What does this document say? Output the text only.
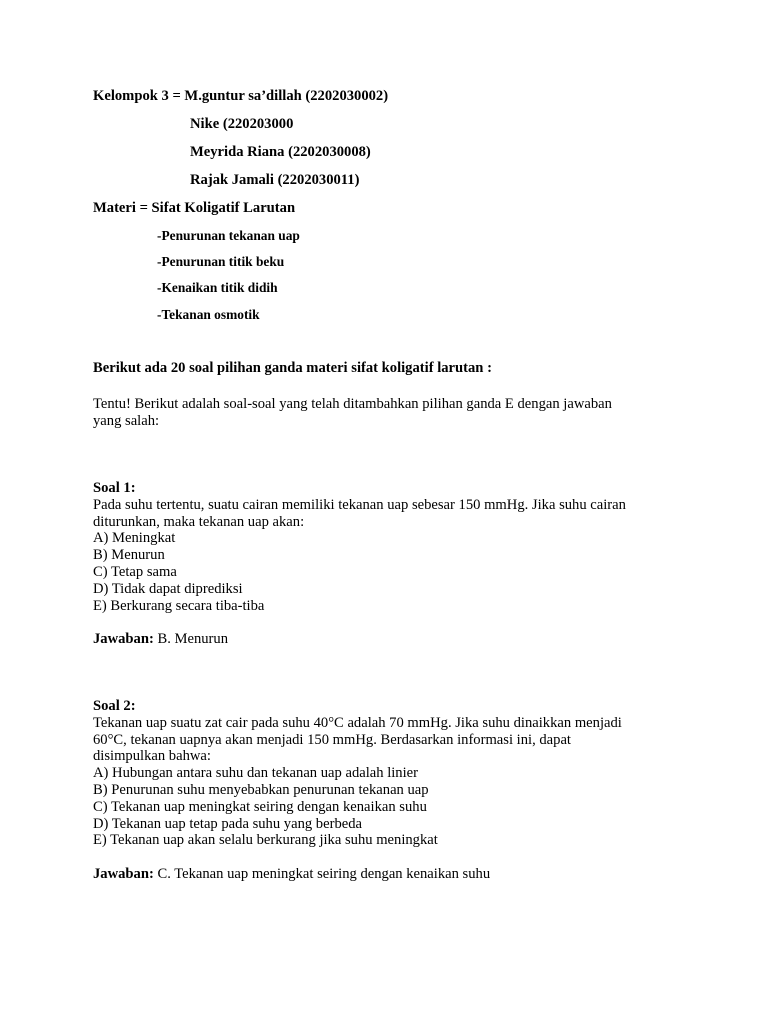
Kelompok 3 = M.guntur sa’dillah (2202030002)
Nike (220203000
Meyrida Riana (2202030008)
Rajak Jamali (2202030011)
Materi = Sifat Koligatif Larutan
-Penurunan tekanan uap
-Penurunan titik beku
-Kenaikan titik didih
-Tekanan osmotik
Berikut ada 20 soal pilihan ganda materi sifat koligatif larutan :
Tentu! Berikut adalah soal-soal yang telah ditambahkan pilihan ganda E dengan jawaban
yang salah:
Soal 1:
Pada suhu tertentu, suatu cairan memiliki tekanan uap sebesar 150 mmHg. Jika suhu cairan
diturunkan, maka tekanan uap akan:
A) Meningkat
B) Menurun
C) Tetap sama
D) Tidak dapat diprediksi
E) Berkurang secara tiba-tiba
Jawaban: B. Menurun
Soal 2:
Tekanan uap suatu zat cair pada suhu 40°C adalah 70 mmHg. Jika suhu dinaikkan menjadi
60°C, tekanan uapnya akan menjadi 150 mmHg. Berdasarkan informasi ini, dapat
disimpulkan bahwa:
A) Hubungan antara suhu dan tekanan uap adalah linier
B) Penurunan suhu menyebabkan penurunan tekanan uap
C) Tekanan uap meningkat seiring dengan kenaikan suhu
D) Tekanan uap tetap pada suhu yang berbeda
E) Tekanan uap akan selalu berkurang jika suhu meningkat
Jawaban: C. Tekanan uap meningkat seiring dengan kenaikan suhu
